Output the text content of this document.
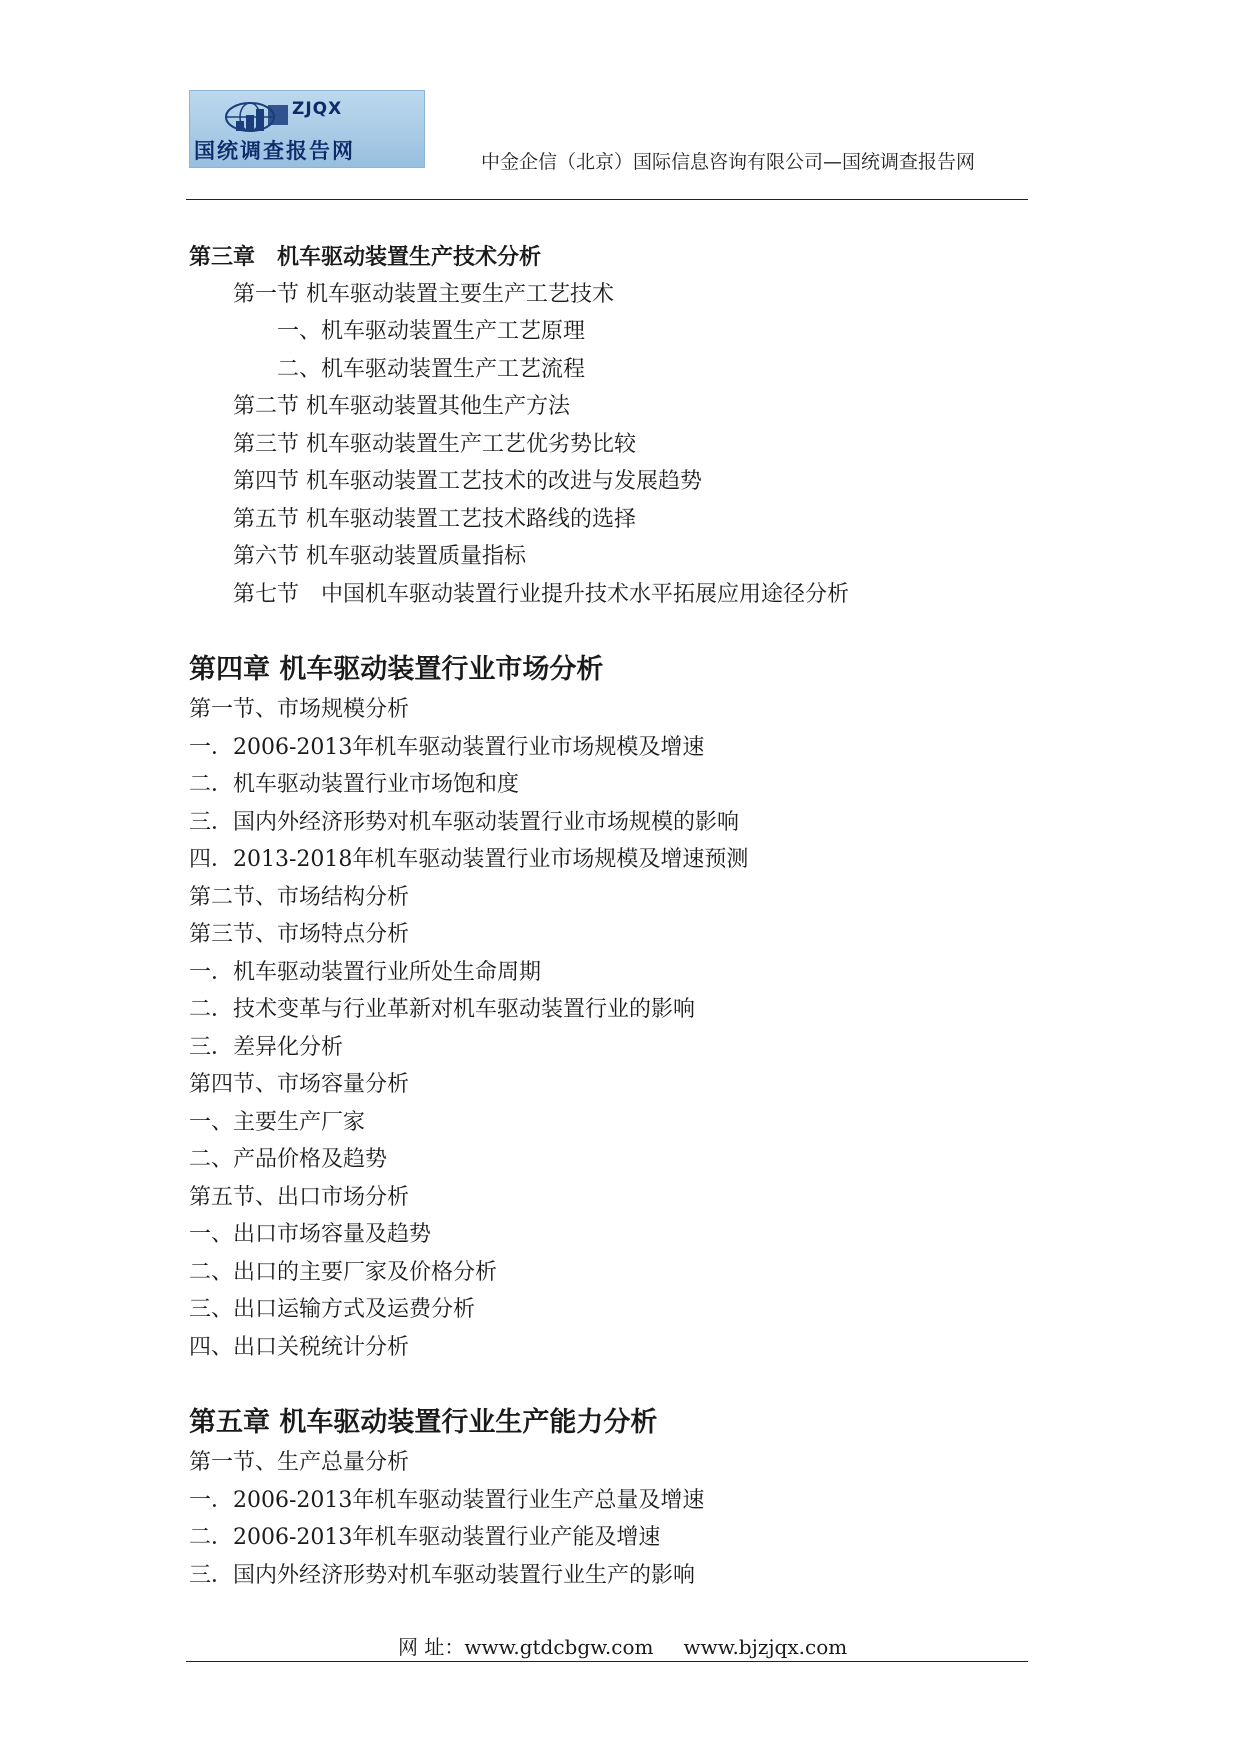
ZJQX
国统调查报告网	中金企信（北京）国际信息咨询有限公司—国统调查报告网
第三章　机车驱动装置生产技术分析
第一节 机车驱动装置主要生产工艺技术
一、机车驱动装置生产工艺原理
二、机车驱动装置生产工艺流程
第二节 机车驱动装置其他生产方法
第三节 机车驱动装置生产工艺优劣势比较
第四节 机车驱动装置工艺技术的改进与发展趋势
第五节 机车驱动装置工艺技术路线的选择
第六节 机车驱动装置质量指标
第七节　中国机车驱动装置行业提升技术水平拓展应用途径分析
第四章 机车驱动装置行业市场分析
第一节、市场规模分析
一．2006-2013年机车驱动装置行业市场规模及增速
二．机车驱动装置行业市场饱和度
三．国内外经济形势对机车驱动装置行业市场规模的影响
四．2013-2018年机车驱动装置行业市场规模及增速预测
第二节、市场结构分析
第三节、市场特点分析
一．机车驱动装置行业所处生命周期
二．技术变革与行业革新对机车驱动装置行业的影响
三．差异化分析
第四节、市场容量分析
一、主要生产厂家
二、产品价格及趋势
第五节、出口市场分析
一、出口市场容量及趋势
二、出口的主要厂家及价格分析
三、出口运输方式及运费分析
四、出口关税统计分析
第五章 机车驱动装置行业生产能力分析
第一节、生产总量分析
一．2006-2013年机车驱动装置行业生产总量及增速
二．2006-2013年机车驱动装置行业产能及增速
三．国内外经济形势对机车驱动装置行业生产的影响
网 址：www.gtdcbgw.com www.bjzjqx.com
